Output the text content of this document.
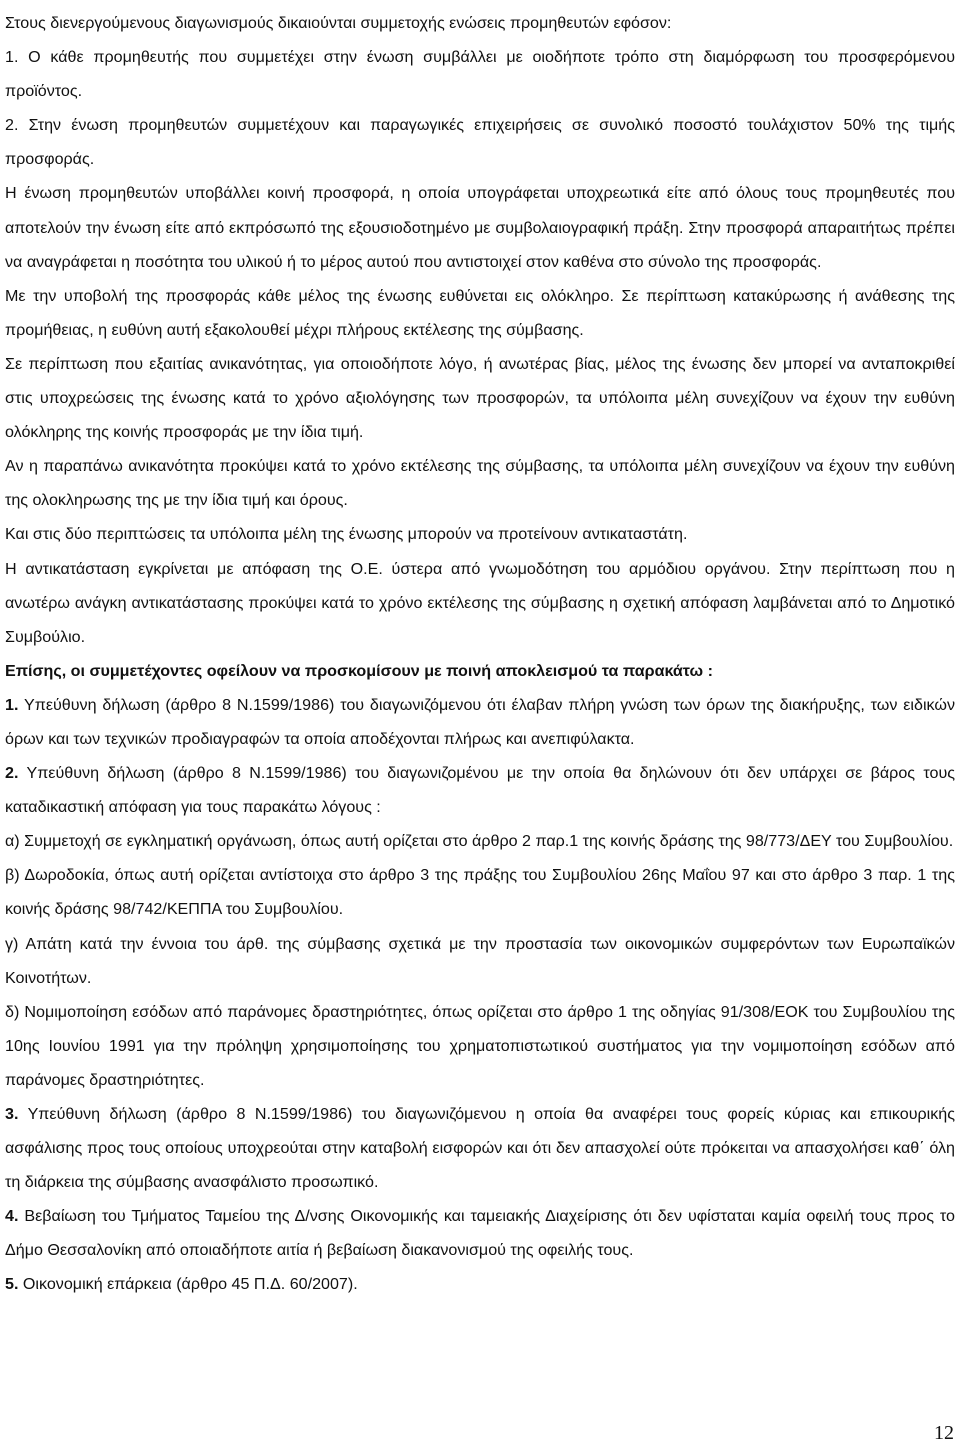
Στους διενεργούμενους διαγωνισμούς δικαιούνται συμμετοχής ενώσεις προμηθευτών εφόσον:

1. Ο κάθε προμηθευτής που συμμετέχει στην ένωση συμβάλλει με οιοδήποτε τρόπο στη διαμόρφωση του προσφερόμενου προϊόντος.

2. Στην ένωση προμηθευτών συμμετέχουν και παραγωγικές επιχειρήσεις σε συνολικό ποσοστό τουλάχιστον 50% της τιμής προσφοράς.

Η ένωση προμηθευτών υποβάλλει κοινή προσφορά, η οποία υπογράφεται υποχρεωτικά είτε από όλους τους προμηθευτές που αποτελούν την ένωση είτε από εκπρόσωπό της εξουσιοδοτημένο με συμβολαιογραφική πράξη. Στην προσφορά απαραιτήτως πρέπει να αναγράφεται η ποσότητα του υλικού ή το μέρος αυτού που αντιστοιχεί στον καθένα στο σύνολο της προσφοράς.

Με την υποβολή της προσφοράς κάθε μέλος της ένωσης ευθύνεται εις ολόκληρο. Σε περίπτωση κατακύρωσης ή ανάθεσης της προμήθειας, η ευθύνη αυτή εξακολουθεί μέχρι πλήρους εκτέλεσης της σύμβασης.

Σε περίπτωση που εξαιτίας ανικανότητας, για οποιοδήποτε λόγο, ή ανωτέρας βίας, μέλος της ένωσης δεν μπορεί να ανταποκριθεί στις υποχρεώσεις της ένωσης κατά το χρόνο αξιολόγησης των προσφορών, τα υπόλοιπα μέλη συνεχίζουν να έχουν την ευθύνη ολόκληρης της κοινής προσφοράς με την ίδια τιμή.

Αν η παραπάνω ανικανότητα προκύψει κατά το χρόνο εκτέλεσης της σύμβασης, τα υπόλοιπα μέλη συνεχίζουν να έχουν την ευθύνη της ολοκληρωσης της με την ίδια τιμή και όρους.

Και στις δύο περιπτώσεις τα υπόλοιπα μέλη της ένωσης μπορούν να προτείνουν αντικαταστάτη.

Η αντικατάσταση εγκρίνεται με απόφαση της Ο.Ε. ύστερα από γνωμοδότηση του αρμόδιου οργάνου. Στην περίπτωση που η ανωτέρω ανάγκη αντικατάστασης προκύψει κατά το χρόνο εκτέλεσης της σύμβασης η σχετική απόφαση λαμβάνεται από το Δημοτικό Συμβούλιο.

Επίσης, οι συμμετέχοντες οφείλουν να προσκομίσουν με ποινή αποκλεισμού τα παρακάτω :

1. Υπεύθυνη δήλωση (άρθρο 8 Ν.1599/1986) του διαγωνιζόμενου ότι έλαβαν πλήρη γνώση των όρων της διακήρυξης, των ειδικών όρων και των τεχνικών προδιαγραφών τα οποία αποδέχονται πλήρως και ανεπιφύλακτα.

2. Υπεύθυνη δήλωση (άρθρο 8 Ν.1599/1986) του διαγωνιζομένου με την οποία θα δηλώνουν ότι δεν υπάρχει σε βάρος τους καταδικαστική απόφαση για τους παρακάτω λόγους :

α) Συμμετοχή σε εγκληματική οργάνωση, όπως αυτή ορίζεται στο άρθρο 2 παρ.1 της κοινής δράσης της 98/773/ΔΕΥ του Συμβουλίου.

β) Δωροδοκία, όπως αυτή ορίζεται αντίστοιχα στο άρθρο 3 της πράξης του Συμβουλίου 26ης Μαΐου 97 και στο άρθρο 3 παρ. 1 της κοινής δράσης 98/742/ΚΕΠΠΑ του Συμβουλίου.

γ) Απάτη κατά την έννοια του άρθ. της σύμβασης σχετικά με την προστασία των οικονομικών συμφερόντων των Ευρωπαϊκών Κοινοτήτων.

δ) Νομιμοποίηση εσόδων από παράνομες δραστηριότητες, όπως ορίζεται στο άρθρο 1 της οδηγίας 91/308/ΕΟΚ του Συμβουλίου της 10ης Ιουνίου 1991 για την πρόληψη χρησιμοποίησης του χρηματοπιστωτικού συστήματος για την νομιμοποίηση εσόδων από παράνομες δραστηριότητες.

3. Υπεύθυνη δήλωση (άρθρο 8 Ν.1599/1986) του διαγωνιζόμενου η οποία θα αναφέρει τους φορείς κύριας και επικουρικής ασφάλισης προς τους οποίους υποχρεούται στην καταβολή εισφορών και ότι δεν απασχολεί ούτε πρόκειται να απασχολήσει καθ΄ όλη τη διάρκεια της σύμβασης ανασφάλιστο προσωπικό.

4. Βεβαίωση του Τμήματος Ταμείου της Δ/νσης Οικονομικής και ταμειακής Διαχείρισης ότι δεν υφίσταται καμία οφειλή τους προς το Δήμο Θεσσαλονίκη από οποιαδήποτε αιτία ή βεβαίωση διακανονισμού της οφειλής τους.

5. Οικονομική επάρκεια (άρθρο 45 Π.Δ. 60/2007).

12
